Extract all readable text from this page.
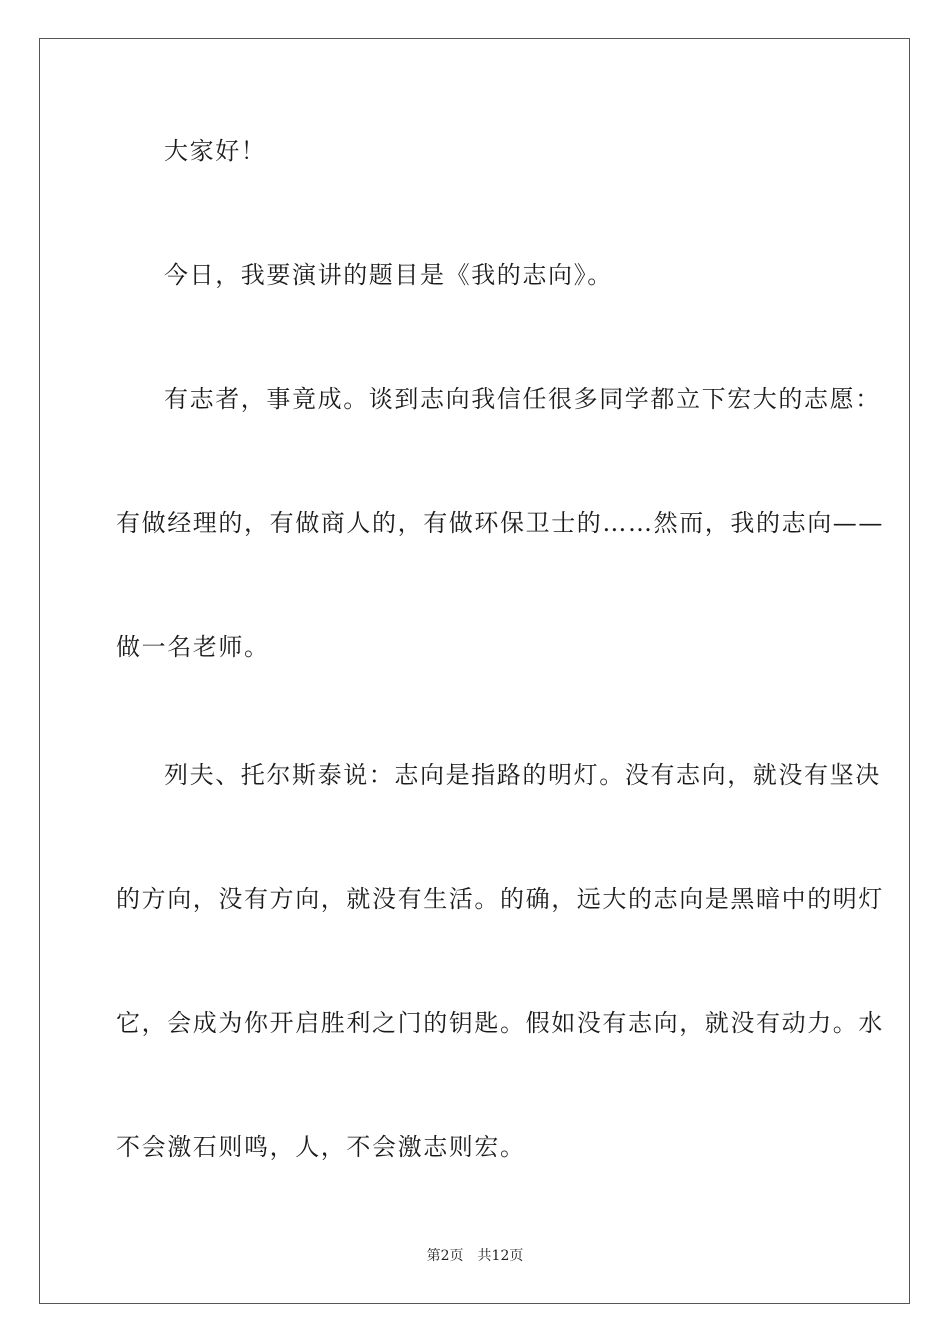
大家好！
今日，我要演讲的题目是《我的志向》。
有志者，事竟成。谈到志向我信任很多同学都立下宏大的志愿：
有做经理的，有做商人的，有做环保卫士的……然而，我的志向——
做一名老师。
列夫、托尔斯泰说：志向是指路的明灯。没有志向，就没有坚决
的方向，没有方向，就没有生活。的确，远大的志向是黑暗中的明灯
它，会成为你开启胜利之门的钥匙。假如没有志向，就没有动力。水
不会激石则鸣，人，不会激志则宏。
第2页 共12页
